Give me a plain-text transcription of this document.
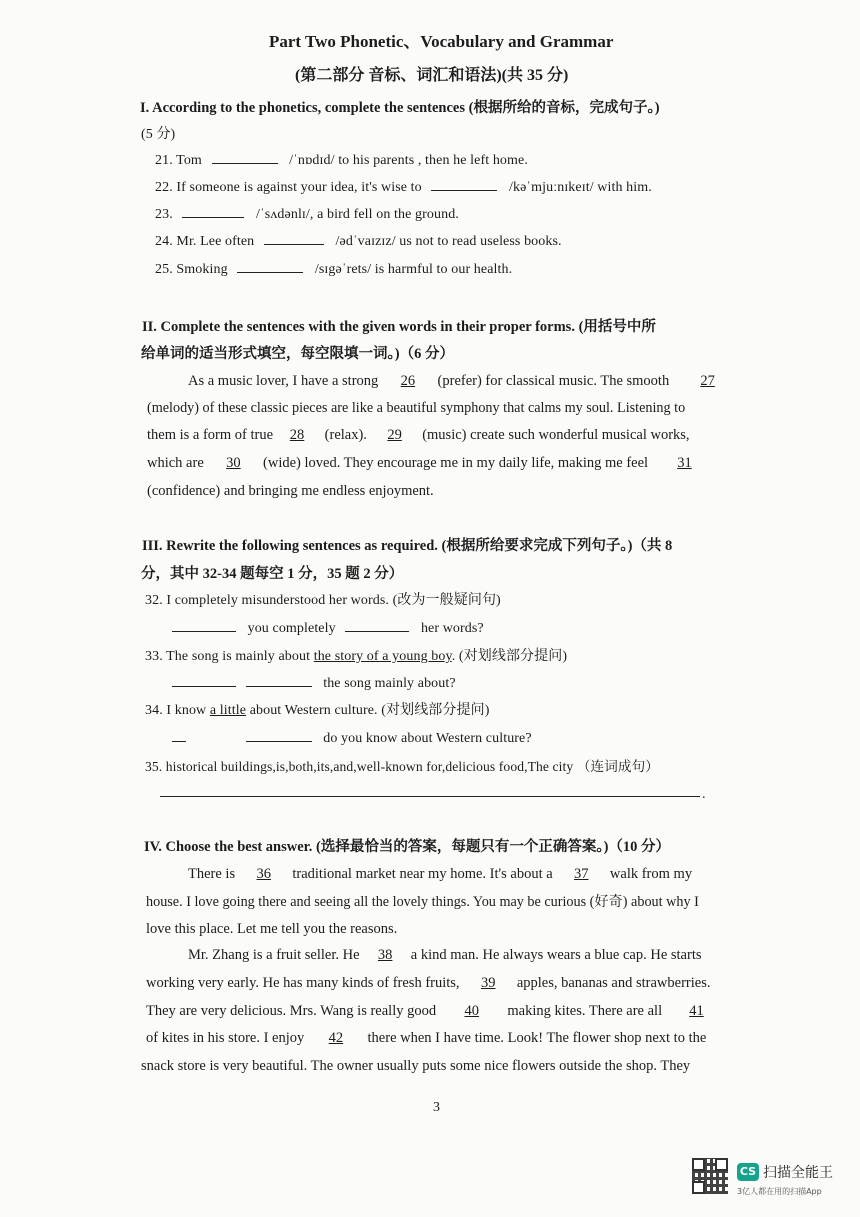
Part Two Phonetic、Vocabulary and Grammar
(第二部分 音标、词汇和语法)(共 35 分)
I. According to the phonetics, complete the sentences (根据所给的音标，完成句子。)
(5 分)
21. Tom	/ˈnɒdɪd/ to his parents , then he left home.
22. If someone is against your idea, it's wise to	/kəˈmjuːnɪkeɪt/ with him.
23.	/ˈsʌdənlɪ/, a bird fell on the ground.
24. Mr. Lee often	/ədˈvaɪzɪz/ us not to read useless books.
25. Smoking	/sɪgəˈrets/ is harmful to our health.
II. Complete the sentences with the given words in their proper forms. (用括号中所
给单词的适当形式填空，每空限填一词。)（6 分）
As a music lover, I have a strong 26 (prefer) for classical music. The smooth 27
(melody) of these classic pieces are like a beautiful symphony that calms my soul. Listening to
them is a form of true 28 (relax). 29 (music) create such wonderful musical works,
which are 30 (wide) loved. They encourage me in my daily life, making me feel 31
(confidence) and bringing me endless enjoyment.
III. Rewrite the following sentences as required. (根据所给要求完成下列句子。)（共 8
分，其中 32-34 题每空 1 分，35 题 2 分）
32. I completely misunderstood her words. (改为一般疑问句)
you completely	her words?
33. The song is mainly about the story of a young boy. (对划线部分提问)
the song mainly about?
34. I know a little about Western culture. (对划线部分提问)
do you know about Western culture?
35. historical buildings,is,both,its,and,well-known for,delicious food,The city （连词成句）
.
IV. Choose the best answer. (选择最恰当的答案，每题只有一个正确答案。)（10 分）
There is 36 traditional market near my home. It's about a 37 walk from my
house. I love going there and seeing all the lovely things. You may be curious (好奇) about why I
love this place. Let me tell you the reasons.
Mr. Zhang is a fruit seller. He 38 a kind man. He always wears a blue cap. He starts
working very early. He has many kinds of fresh fruits, 39 apples, bananas and strawberries.
They are very delicious. Mrs. Wang is really good 40 making kites. There are all 41
of kites in his store. I enjoy 42 there when I have time. Look! The flower shop next to the
snack store is very beautiful. The owner usually puts some nice flowers outside the shop. They
3
CS 扫描全能王
3亿人都在用的扫描App
